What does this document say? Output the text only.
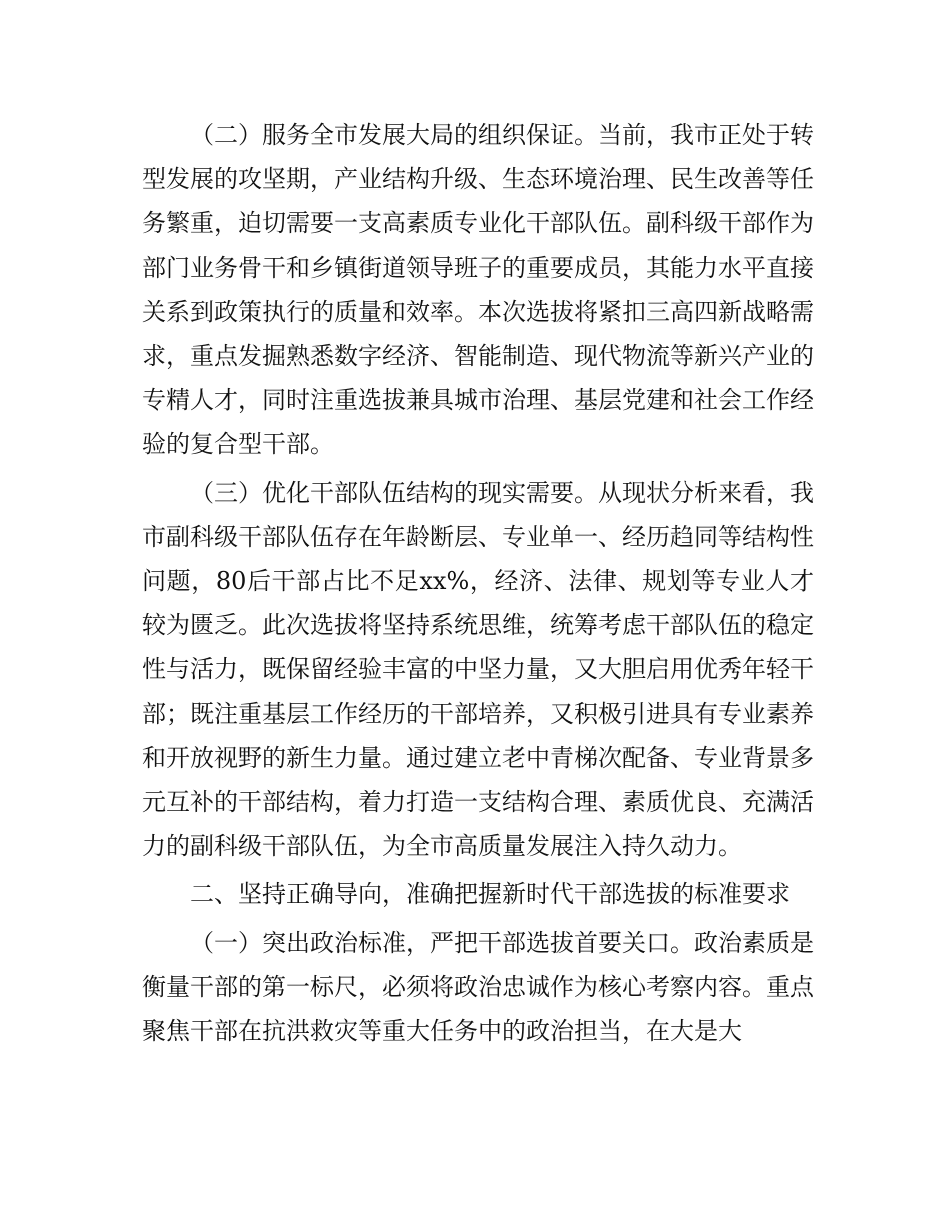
（二）服务全市发展大局的组织保证。当前，我市正处于转型发展的攻坚期，产业结构升级、生态环境治理、民生改善等任务繁重，迫切需要一支高素质专业化干部队伍。副科级干部作为部门业务骨干和乡镇街道领导班子的重要成员，其能力水平直接关系到政策执行的质量和效率。本次选拔将紧扣三高四新战略需求，重点发掘熟悉数字经济、智能制造、现代物流等新兴产业的专精人才，同时注重选拔兼具城市治理、基层党建和社会工作经验的复合型干部。

（三）优化干部队伍结构的现实需要。从现状分析来看，我市副科级干部队伍存在年龄断层、专业单一、经历趋同等结构性问题，80后干部占比不足xx%，经济、法律、规划等专业人才较为匮乏。此次选拔将坚持系统思维，统筹考虑干部队伍的稳定性与活力，既保留经验丰富的中坚力量，又大胆启用优秀年轻干部；既注重基层工作经历的干部培养，又积极引进具有专业素养和开放视野的新生力量。通过建立老中青梯次配备、专业背景多元互补的干部结构，着力打造一支结构合理、素质优良、充满活力的副科级干部队伍，为全市高质量发展注入持久动力。

二、坚持正确导向，准确把握新时代干部选拔的标准要求

（一）突出政治标准，严把干部选拔首要关口。政治素质是衡量干部的第一标尺，必须将政治忠诚作为核心考察内容。重点聚焦干部在抗洪救灾等重大任务中的政治担当，在大是大
